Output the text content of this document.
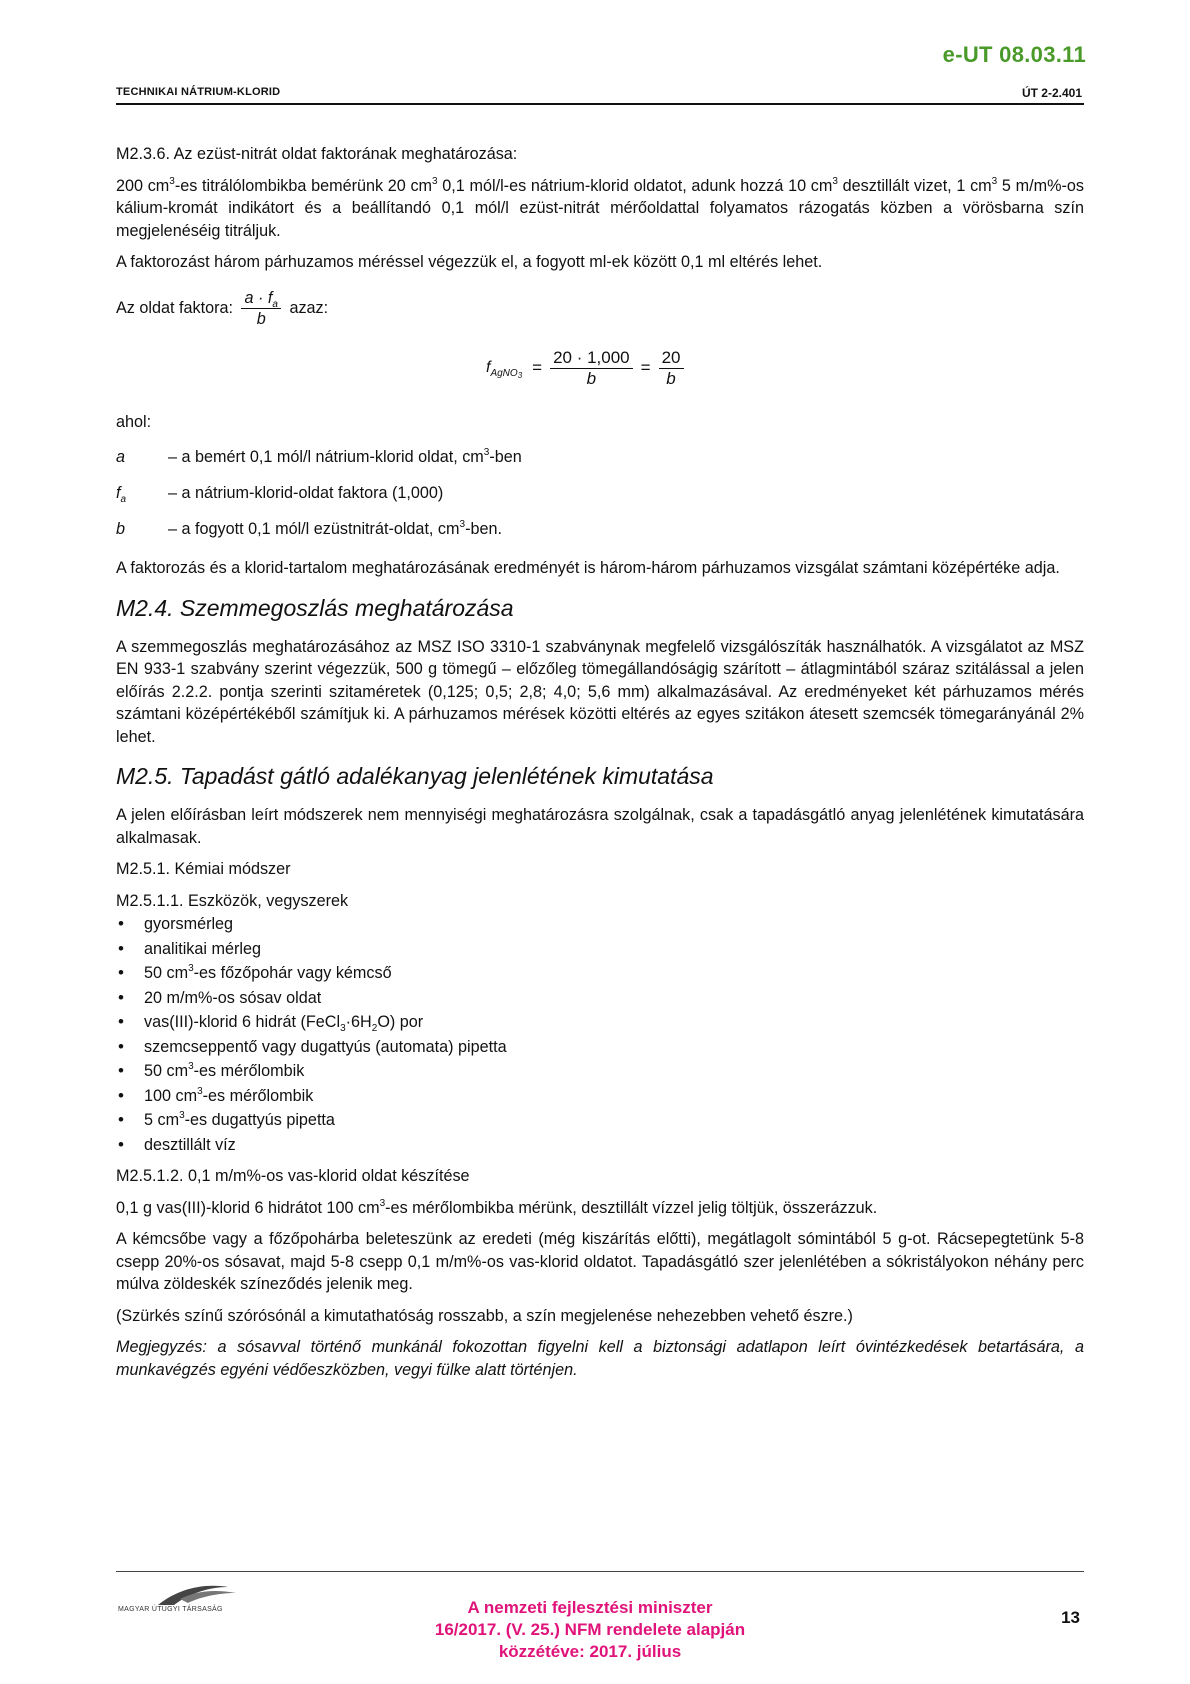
e-UT 08.03.11
TECHNIKAI NÁTRIUM-KLORID	ÚT 2-2.401

M2.3.6. Az ezüst-nitrát oldat faktorának meghatározása:

200 $cm^3-es$ titrálólombikba bemérünk 20 $cm^3$ 0,1 mól/l-es nátrium-klorid oldatot, adunk hozzá 10 $cm^3$ desztillált vizet, 1 $cm^3$ 5 m/m%-os kálium-kromát indikátort és a beállítandó 0,1 mól/l ezüst-nitrát mérőoldattal folyamatos rázogatás közben a vörösbarna szín megjelenéséig titráljuk.

A faktorozást három párhuzamos méréssel végezzük el, a fogyott ml-ek között 0,1 ml eltérés lehet.

Az oldat faktora: $\frac{a \cdot f_a}{b}$ azaz:

$f_{AgNO_3} = \frac{20 \cdot 1,000}{b} = \frac{20}{b}$

ahol:

a	– a bemért 0,1 mól/l nátrium-klorid oldat, $cm^3$-ben
$f_a$	– a nátrium-klorid-oldat faktora (1,000)
b	– a fogyott 0,1 mól/l ezüstnitrát-oldat, $cm^3$-ben.

A faktorozás és a klorid-tartalom meghatározásának eredményét is három-három párhuzamos vizsgálat számtani középértéke adja.

M2.4. Szemmegoszlás meghatározása

A szemmegoszlás meghatározásához az MSZ ISO 3310-1 szabványnak megfelelő vizsgálószíták használhatók. A vizsgálatot az MSZ EN 933-1 szabvány szerint végezzük, 500 g tömegű – előzőleg tömegállandóságig szárított – átlagmintából száraz szitálással a jelen előírás 2.2.2. pontja szerinti szitaméretek (0,125; 0,5; 2,8; 4,0; 5,6 mm) alkalmazásával. Az eredményeket két párhuzamos mérés számtani középértékéből számítjuk ki. A párhuzamos mérések közötti eltérés az egyes szitákon átesett szemcsék tömegarányánál 2% lehet.

M2.5. Tapadást gátló adalékanyag jelenlétének kimutatása

A jelen előírásban leírt módszerek nem mennyiségi meghatározásra szolgálnak, csak a tapadásgátló anyag jelenlétének kimutatására alkalmasak.

M2.5.1. Kémiai módszer

M2.5.1.1. Eszközök, vegyszerek

• gyorsmérleg
• analitikai mérleg
• 50 $cm^3-es$ főzőpohár vagy kémcső
• 20 m/m%-os sósav oldat
• vas(III)-klorid 6 hidrát $(FeCl_3\cdot 6H_2O)$ por
• szemcseppentő vagy dugattyús (automata) pipetta
• 50 $cm^3-es$ mérőlombik
• 100 $cm^3-es$ mérőlombik
• 5 $cm^3-es$ dugattyús pipetta
• desztillált víz

M2.5.1.2. 0,1 m/m%-os vas-klorid oldat készítése

0,1 g vas(III)-klorid 6 hidrátot 100 $cm^3-es$ mérőlombikba mérünk, desztillált vízzel jelig töltjük, összerázzuk.

A kémcsőbe vagy a főzőpohárba beleteszünk az eredeti (még kiszárítás előtti), megátlagolt sómintából 5 g-ot. Rácsepegtetünk 5-8 csepp 20%-os sósavat, majd 5-8 csepp 0,1 m/m%-os vas-klorid oldatot. Tapadásgátló szer jelenlétében a sókristályokon néhány perc múlva zöldeskék színeződés jelenik meg.

(Szürkés színű szórósónál a kimutathatóság rosszabb, a szín megjelenése nehezebben vehető észre.)

Megjegyzés: a sósavval történő munkánál fokozottan figyelni kell a biztonsági adatlapon leírt óvintézkedések betartására, a munkavégzés egyéni védőeszközben, vegyi fülke alatt történjen.

MAGYAR ÚTÜGYI TÁRSASÁG	A nemzeti fejlesztési miniszter
16/2017. (V. 25.) NFM rendelete alapján
közzétéve: 2017. július
13
